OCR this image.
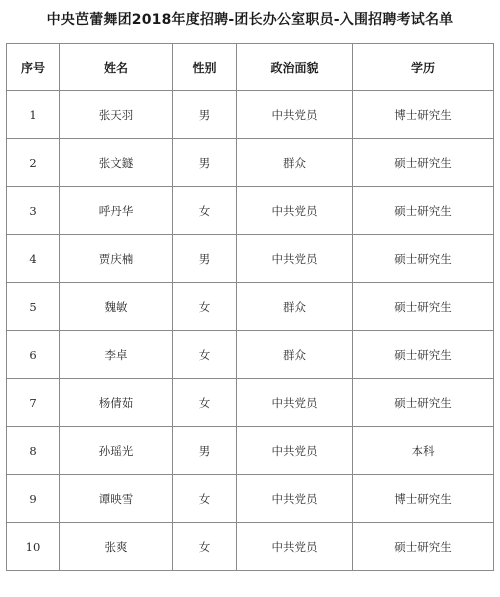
中央芭蕾舞团2018年度招聘-团长办公室职员-入围招聘考试名单
序号	姓名	性别	政治面貌	学历
1	张天羽	男	中共党员	博士研究生
2	张文鐩	男	群众	硕士研究生
3	呼丹华	女	中共党员	硕士研究生
4	贾庆楠	男	中共党员	硕士研究生
5	魏敏	女	群众	硕士研究生
6	李卓	女	群众	硕士研究生
7	杨倩茹	女	中共党员	硕士研究生
8	孙瑶光	男	中共党员	本科
9	谭映雪	女	中共党员	博士研究生
10	张爽	女	中共党员	硕士研究生
